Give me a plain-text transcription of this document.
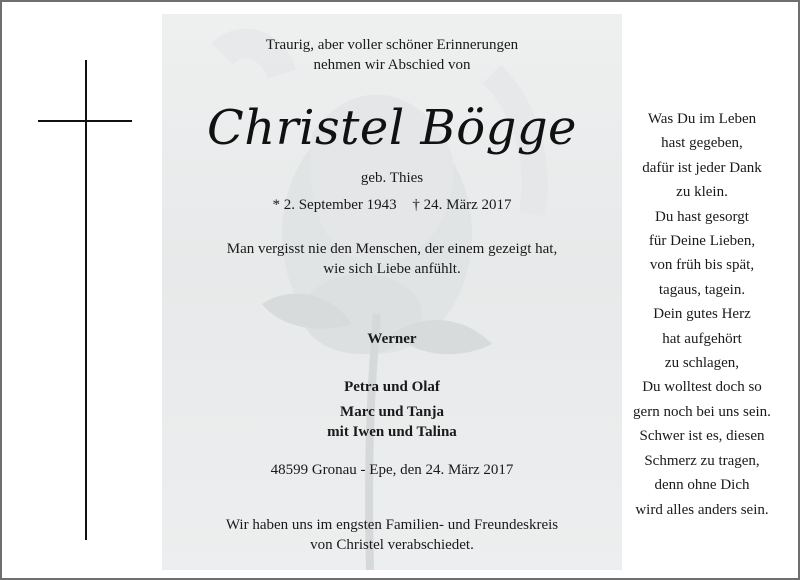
Traurig, aber voller schöner Erinnerungen
nehmen wir Abschied von
Christel Bögge
geb. Thies
* 2. September 1943 † 24. März 2017
Man vergisst nie den Menschen, der einem gezeigt hat,
wie sich Liebe anfühlt.
Werner
Petra und Olaf
Marc und Tanja
mit Iwen und Talina
48599 Gronau - Epe, den 24. März 2017
Wir haben uns im engsten Familien- und Freundeskreis
von Christel verabschiedet.
Was Du im Leben
hast gegeben,
dafür ist jeder Dank
zu klein.
Du hast gesorgt
für Deine Lieben,
von früh bis spät,
tagaus, tagein.
Dein gutes Herz
hat aufgehört
zu schlagen,
Du wolltest doch so
gern noch bei uns sein.
Schwer ist es, diesen
Schmerz zu tragen,
denn ohne Dich
wird alles anders sein.
